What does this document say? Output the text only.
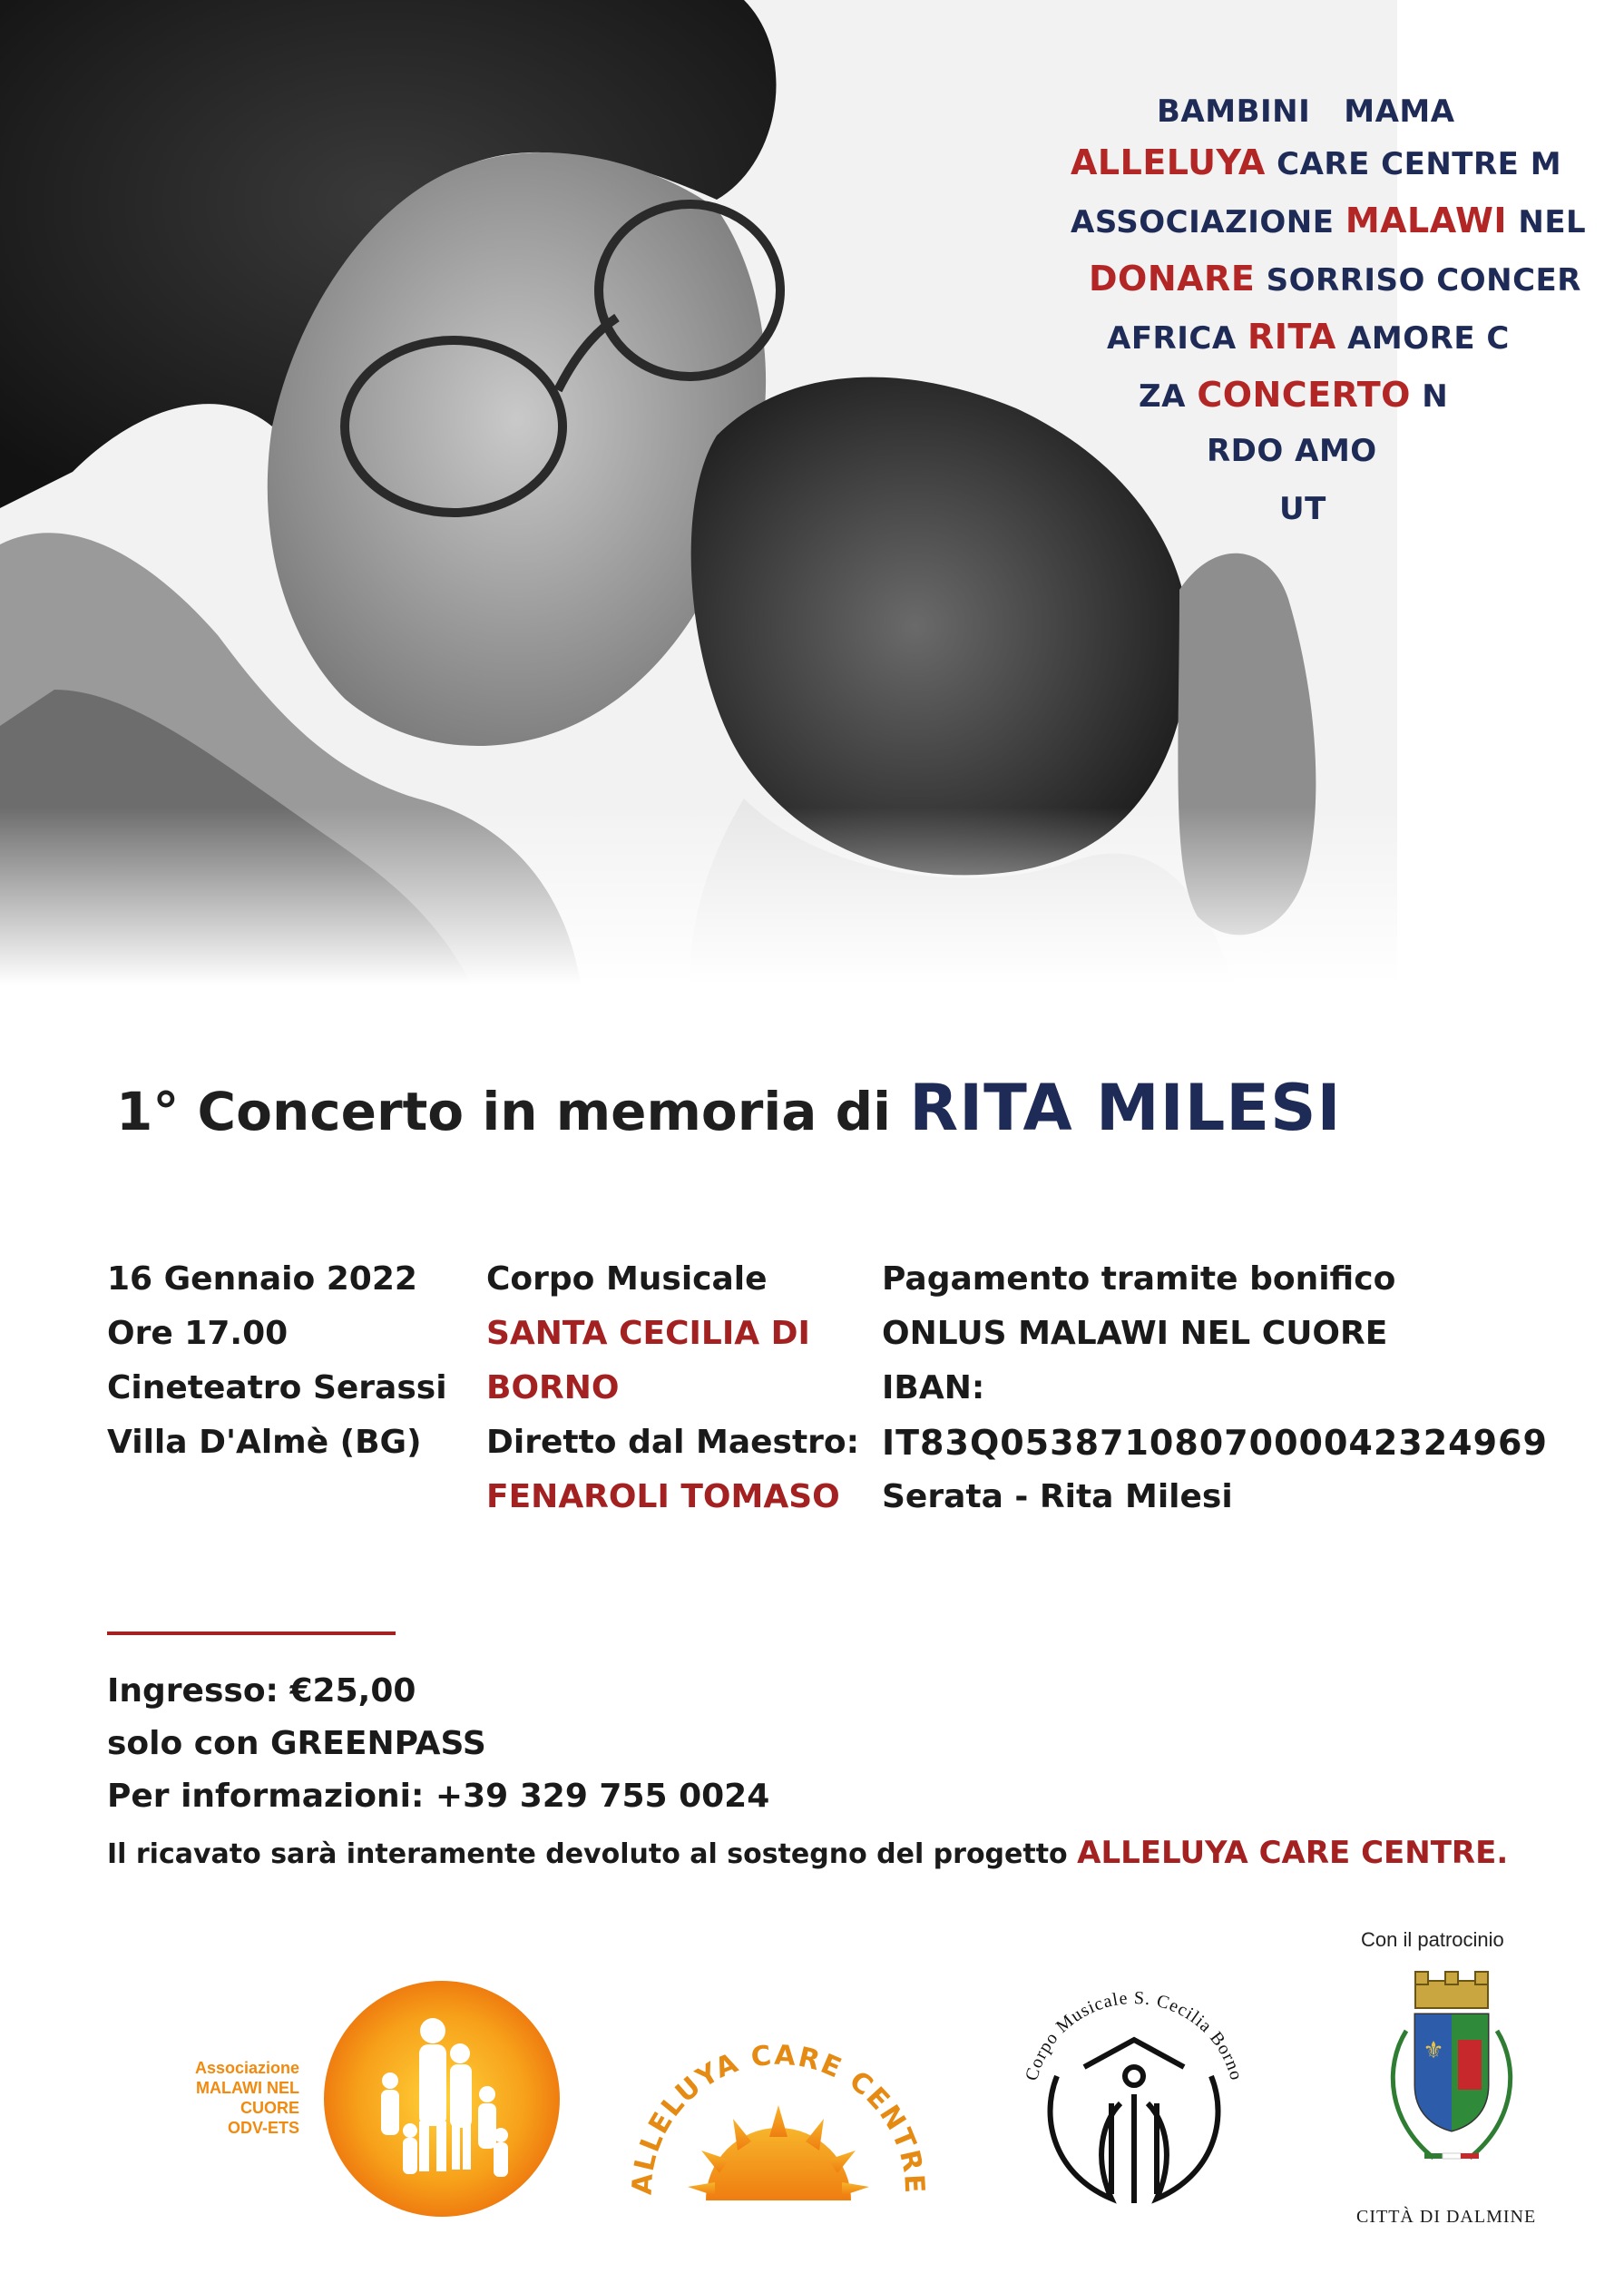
BAMBINI MAMA
ALLELUYA CARE CENTRE M
ASSOCIAZIONE MALAWI NEL
DONARE SORRISO CONCER
AFRICA RITA AMORE C
ZA CONCERTO N
RDO AMO
UT
1° Concerto in memoria di RITA MILESI
16 Gennaio 2022
Ore 17.00
Cineteatro Serassi
Villa D'Almè (BG)
Corpo Musicale
SANTA CECILIA DI
BORNO
Diretto dal Maestro:
FENAROLI TOMASO
Pagamento tramite bonifico
ONLUS MALAWI NEL CUORE
IBAN:
IT83Q0538710807000042324969
Serata - Rita Milesi
Ingresso: €25,00
solo con GREENPASS
Per informazioni: +39 329 755 0024
Il ricavato sarà interamente devoluto al sostegno del progetto ALLELUYA CARE CENTRE.
Associazione
MALAWI NEL CUORE
ODV-ETS
ALLELUYA CARE CENTRE
Corpo Musicale S. Cecilia Borno
Con il patrocinio
⚜
CITTÀ DI DALMINE
